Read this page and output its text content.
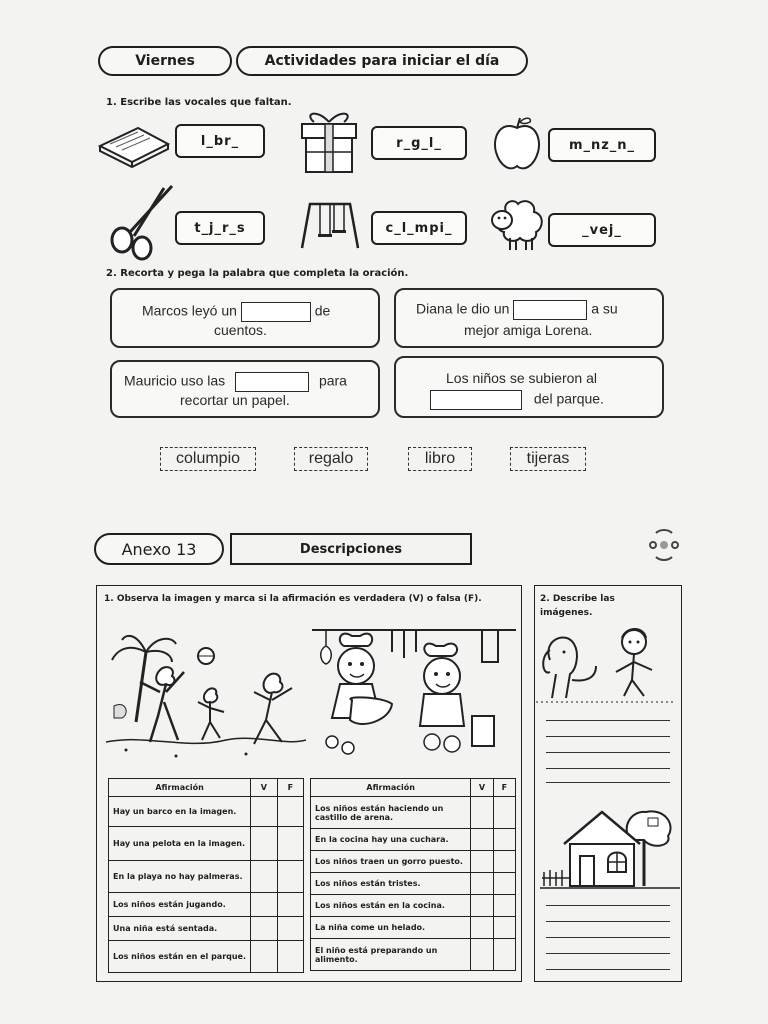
Viernes	Actividades para iniciar el día
1. Escribe las vocales que faltan.
l_br_	r_g_l_	m_nz_n_
t_j_r_s	c_l_mpi_	_vej_
2. Recorta y pega la palabra que completa la oración.
Marcos leyó un	de
cuentos.
Diana le dio un	a su
mejor amiga Lorena.
Mauricio uso las	para
recortar un papel.
Los niños se subieron al
del parque.
columpio	regalo	libro	tijeras
Anexo 13	Descripciones
1. Observa la imagen y marca si la afirmación es verdadera (V) o falsa (F).
Afirmación	V	F
Hay un barco en la imagen.		
Hay una pelota en la imagen.		
En la playa no hay palmeras.		
Los niños están jugando.		
Una niña está sentada.		
Los niños están en el parque.		
Afirmación	V	F
Los niños están haciendo un castillo de arena.		
En la cocina hay una cuchara.		
Los niños traen un gorro puesto.		
Los niños están tristes.		
Los niños están en la cocina.		
La niña come un helado.		
El niño está preparando un alimento.		
2. Describe las imágenes.
